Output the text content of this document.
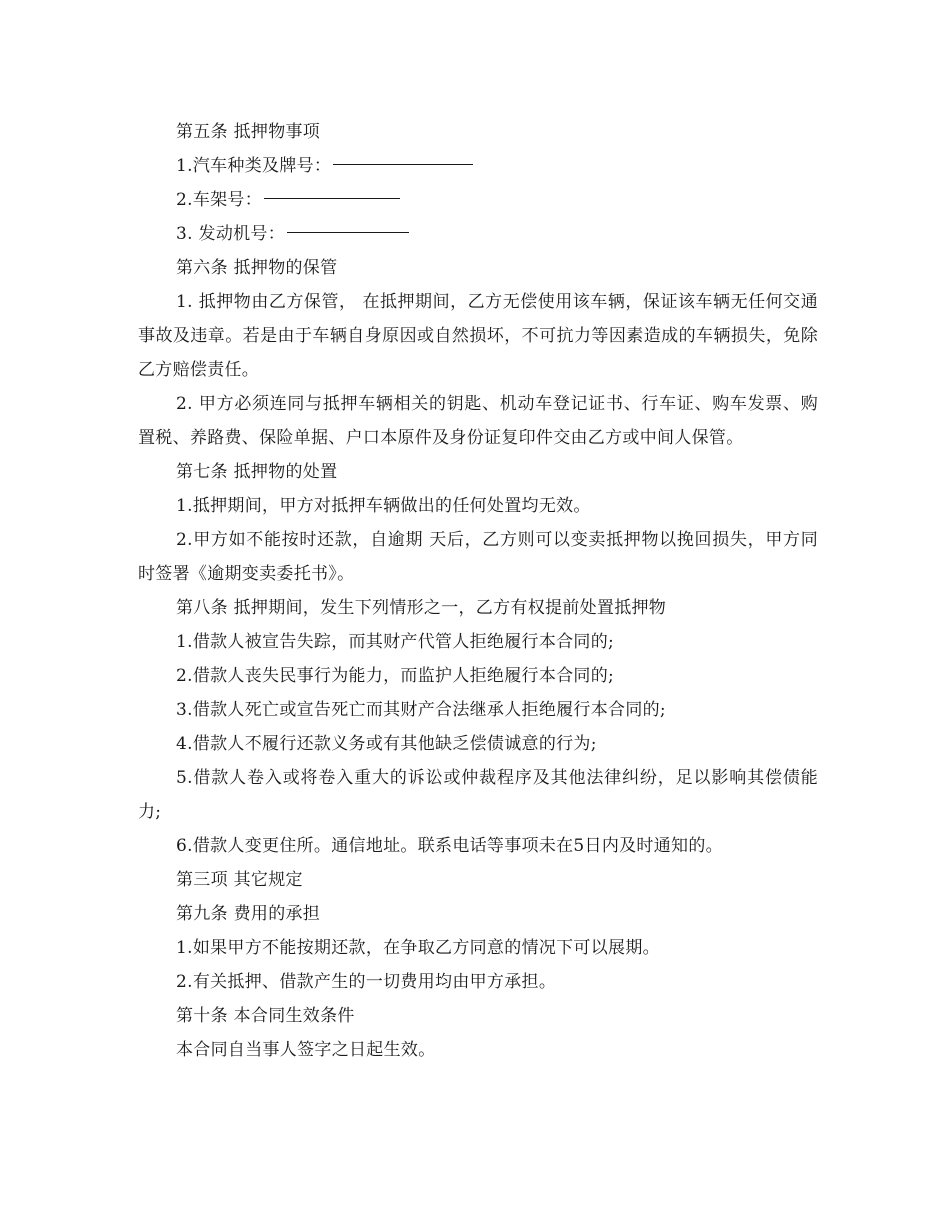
第五条 抵押物事项
1.汽车种类及牌号：
2.车架号：
3. 发动机号：
第六条 抵押物的保管

1. 抵押物由乙方保管， 在抵押期间，乙方无偿使用该车辆，保证该车辆无任何交通事故及违章。若是由于车辆自身原因或自然损坏，不可抗力等因素造成的车辆损失，免除乙方赔偿责任。

2. 甲方必须连同与抵押车辆相关的钥匙、机动车登记证书、行车证、购车发票、购置税、养路费、保险单据、户口本原件及身份证复印件交由乙方或中间人保管。

第七条 抵押物的处置
1.抵押期间，甲方对抵押车辆做出的任何处置均无效。

2.甲方如不能按时还款，自逾期 天后，乙方则可以变卖抵押物以挽回损失，甲方同时签署《逾期变卖委托书》。

第八条 抵押期间，发生下列情形之一，乙方有权提前处置抵押物
1.借款人被宣告失踪，而其财产代管人拒绝履行本合同的;
2.借款人丧失民事行为能力，而监护人拒绝履行本合同的;
3.借款人死亡或宣告死亡而其财产合法继承人拒绝履行本合同的;
4.借款人不履行还款义务或有其他缺乏偿债诚意的行为;

5.借款人卷入或将卷入重大的诉讼或仲裁程序及其他法律纠纷，足以影响其偿债能力;

6.借款人变更住所。通信地址。联系电话等事项未在5日内及时通知的。
第三项 其它规定
第九条 费用的承担
1.如果甲方不能按期还款，在争取乙方同意的情况下可以展期。
2.有关抵押、借款产生的一切费用均由甲方承担。
第十条 本合同生效条件
本合同自当事人签字之日起生效。
